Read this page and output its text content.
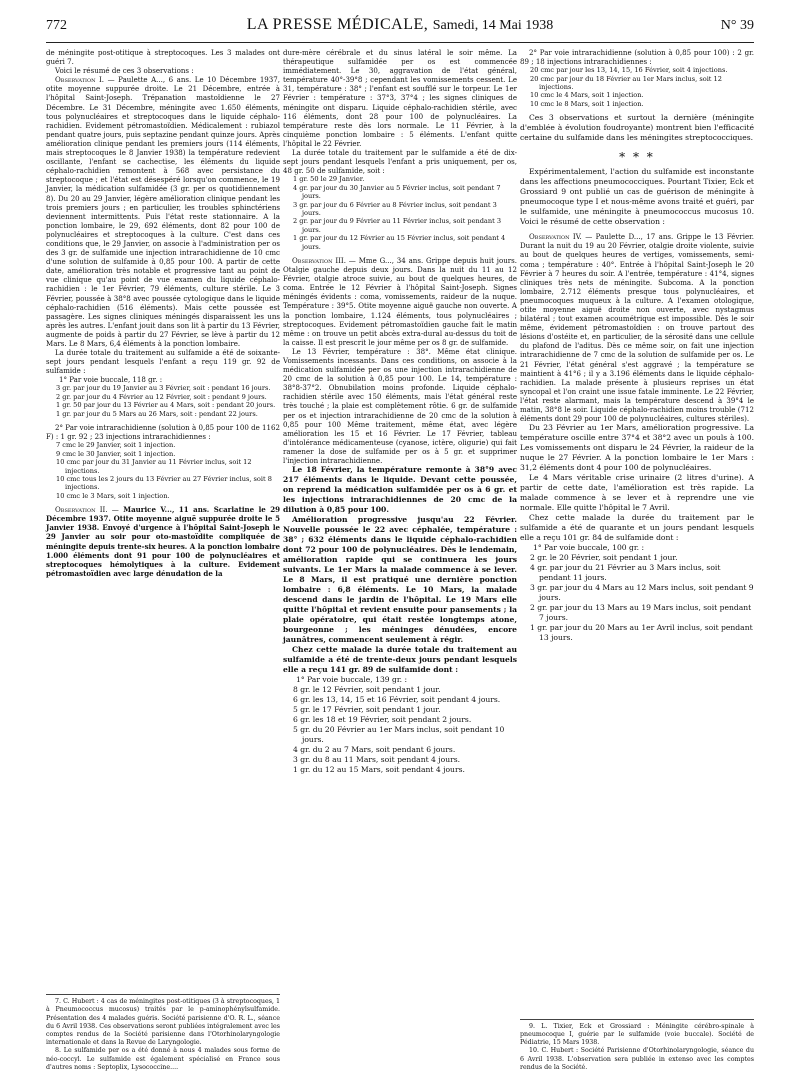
772	LA PRESSE MÉDICALE, Samedi, 14 Mai 1938	N° 39

de méningite post-otitique à streptocoques. Les 3 malades ont guéri 7.

Voici le résumé de ces 3 observations :

Observation I. — Paulette A..., 6 ans. Le 10 Décembre 1937, otite moyenne suppurée droite. Le 21 Décembre, entrée à l'hôpital Saint-Joseph. Trépanation mastoïdienne le 27 Décembre. Le 31 Décembre, méningite avec 1.650 éléments, tous polynucléaires et streptocoques dans le liquide céphalo-rachidien. Evidement pétromastoïdien. Médicalement : rubiazol pendant quatre jours, puis septazine pendant quinze jours. Après amélioration clinique pendant les premiers jours (114 éléments, mais streptocoques le 8 Janvier 1938) la température redevient oscillante, l'enfant se cachectise, les éléments du liquide céphalo-rachidien remontent à 568 avec persistance du streptocoque ; et l'état est désespéré lorsqu'on commence, le 19 Janvier, la médication sulfamidée (3 gr. per os quotidiennement 8). Du 20 au 29 Janvier, légère amélioration clinique pendant les trois premiers jours ; en particulier, les troubles sphinctériens deviennent intermittents. Puis l'état reste stationnaire. A la ponction lombaire, le 29, 692 éléments, dont 82 pour 100 de polynucléaires et streptocoques à la culture. C'est dans ces conditions que, le 29 Janvier, on associe à l'administration per os des 3 gr. de sulfamide une injection intrarachidienne de 10 cmc d'une solution de sulfamide à 0,85 pour 100. A partir de cette date, amélioration très notable et progressive tant au point de vue clinique qu'au point de vue examen du liquide céphalo-rachidien : le 1er Février, 79 éléments, culture stérile. Le 3 Février, poussée à 38°8 avec poussée cytologique dans le liquide céphalo-rachidien (516 éléments). Mais cette poussée est passagère. Les signes cliniques méningés disparaissent les uns après les autres. L'enfant jouit dans son lit à partir du 13 Février, augmente de poids à partir du 27 Février, se lève à partir du 12 Mars. Le 8 Mars, 6,4 éléments à la ponction lombaire.

La durée totale du traitement au sulfamide a été de soixante-sept jours pendant lesquels l'enfant a reçu 119 gr. 92 de sulfamide :

1° Par voie buccale, 118 gr. :

3 gr. par jour du 19 Janvier au 3 Février, soit : pendant 16 jours.
2 gr. par jour du 4 Février au 12 Février, soit : pendant 9 jours.
1 gr. 50 par jour du 13 Février au 4 Mars, soit : pendant 20 jours.
1 gr. par jour du 5 Mars au 26 Mars, soit : pendant 22 jours.

2° Par voie intrarachidienne (solution à 0,85 pour 100 de 1162 F) : 1 gr. 92 ; 23 injections intrarachidiennes :

7 cmc le 29 Janvier, soit 1 injection.
9 cmc le 30 Janvier, soit 1 injection.
10 cmc par jour du 31 Janvier au 11 Février inclus, soit 12 injections.
10 cmc tous les 2 jours du 13 Février au 27 Février inclus, soit 8 injections.
10 cmc le 3 Mars, soit 1 injection.

Observation II. — Maurice V..., 11 ans. Scarlatine le 29 Décembre 1937. Otite moyenne aiguë suppurée droite le 5 Janvier 1938. Envoyé d'urgence à l'hôpital Saint-Joseph le 29 Janvier au soir pour oto-mastoïdite compliquée de méningite depuis trente-six heures. A la ponction lombaire 1.000 éléments dont 91 pour 100 de polynucléaires et streptocoques hémolytiques à la culture. Evidement pétromastoïdien avec large dénudation de la

7. C. Hubert : 4 cas de méningites post-otitiques (3 à streptocoques, 1 à Pneumococcus mucosus) traités par le p-aminophénylsulfamide. Présentation des 4 malades guéris. Société parisienne d'O. R. L., séance du 6 Avril 1938. Ces observations seront publiées intégralement avec les comptes rendus de la Société parisienne dans l'Otorhinolaryngologie internationale et dans la Revue de Laryngologie.

8. Le sulfamide per os a été donné à nous 4 malades sous forme de néo-coccyl. Le sulfamide est également spécialisé en France sous d'autres noms : Septoplix, Lysococcine....

dure-mère cérébrale et du sinus latéral le soir même. La thérapeutique sulfamidée per os est commencée immédiatement. Le 30, aggravation de l'état général, température 40°-39°8 ; cependant les vomissements cessent. Le 31, température : 38° ; l'enfant est soufflé sur le torpeur. Le 1er Février : température : 37°3, 37°4 ; les signes cliniques de méningite ont disparu. Liquide céphalo-rachidien stérile, avec 116 éléments, dont 28 pour 100 de polynucléaires. La température reste dès lors normale. Le 11 Février, à la cinquième ponction lombaire : 5 éléments. L'enfant quitte l'hôpital le 22 Février.

La durée totale du traitement par le sulfamide a été de dix-sept jours pendant lesquels l'enfant a pris uniquement, per os, 48 gr. 50 de sulfamide, soit :

1 gr. 50 le 29 Janvier.
4 gr. par jour du 30 Janvier au 5 Février inclus, soit pendant 7 jours.
3 gr. par jour du 6 Février au 8 Février inclus, soit pendant 3 jours.
2 gr. par jour du 9 Février au 11 Février inclus, soit pendant 3 jours.
1 gr. par jour du 12 Février au 15 Février inclus, soit pendant 4 jours.

Observation III. — Mme G..., 34 ans. Grippe depuis huit jours. Otalgie gauche depuis deux jours. Dans la nuit du 11 au 12 Février, otalgie atroce suivie, au bout de quelques heures, de coma. Entrée le 12 Février à l'hôpital Saint-Joseph. Signes méningés évidents : coma, vomissements, raideur de la nuque. Température : 39°5. Otite moyenne aiguë gauche non ouverte. A la ponction lombaire, 1.124 éléments, tous polynucléaires ; streptocoques. Evidement pétromastoïdien gauche fait le matin même : on trouve un petit abcès extra-dural au-dessus du toit de la caisse. Il est prescrit le jour même per os 8 gr. de sulfamide.

Le 13 Février, température : 38°. Même état clinique. Vomissements incessants. Dans ces conditions, on associe à la médication sulfamidée per os une injection intrarachidienne de 20 cmc de la solution à 0,85 pour 100. Le 14, température : 38°8-37°2. Obnubilation moins profonde. Liquide céphalo-rachidien stérile avec 150 éléments, mais l'état général reste très touché ; la plaie est complètement rôtie. 6 gr. de sulfamide per os et injection intrarachidienne de 20 cmc de la solution à 0,85 pour 100 Même traitement, même état, avec légère amélioration les 15 et 16 Février. Le 17 Février, tableau d'intolérance médicamenteuse (cyanose, ictère, oligurie) qui fait ramener la dose de sulfamide per os à 5 gr. et supprimer l'injection intrarachidienne.

Le 18 Février, la température remonte à 38°9 avec 217 éléments dans le liquide. Devant cette poussée, on reprend la médication sulfamidée per os à 6 gr. et les injections intrarachidiennes de 20 cmc de la dilution à 0,85 pour 100.

Amélioration progressive jusqu'au 22 Février. Nouvelle poussée le 22 avec céphalée, température : 38° ; 632 éléments dans le liquide céphalo-rachidien dont 72 pour 100 de polynucléaires. Dès le lendemain, amélioration rapide qui se continuera les jours suivants. Le 1er Mars la malade commence à se lever. Le 8 Mars, il est pratiqué une dernière ponction lombaire : 6,8 éléments. Le 10 Mars, la malade descend dans le jardin de l'hôpital. Le 19 Mars elle quitte l'hôpital et revient ensuite pour pansements ; la plaie opératoire, qui était restée longtemps atone, bourgeonne ; les méninges dénudées, encore jaunâtres, commencent seulement à régir.

Chez cette malade la durée totale du traitement au sulfamide a été de trente-deux jours pendant lesquels elle a reçu 141 gr. 89 de sulfamide dont :

1° Par voie buccale, 139 gr. :

8 gr. le 12 Février, soit pendant 1 jour.
6 gr. les 13, 14, 15 et 16 Février, soit pendant 4 jours.
5 gr. le 17 Février, soit pendant 1 jour.
6 gr. les 18 et 19 Février, soit pendant 2 jours.
5 gr. du 20 Février au 1er Mars inclus, soit pendant 10 jours.
4 gr. du 2 au 7 Mars, soit pendant 6 jours.
3 gr. du 8 au 11 Mars, soit pendant 4 jours.
1 gr. du 12 au 15 Mars, soit pendant 4 jours.

2° Par voie intrarachidienne (solution à 0,85 pour 100) : 2 gr. 89 ; 18 injections intrarachidiennes :

20 cmc par jour les 13, 14, 15, 16 Février, soit 4 injections.
20 cmc par jour du 18 Février au 1er Mars inclus, soit 12 injections.
10 cmc le 4 Mars, soit 1 injection.
10 cmc le 8 Mars, soit 1 injection.

Ces 3 observations et surtout la dernière (méningite d'emblée à évolution foudroyante) montrent bien l'efficacité certaine du sulfamide dans les méningites streptococciques.

* * *

Expérimentalement, l'action du sulfamide est inconstante dans les affections pneumococciques. Pourtant Tixier, Eck et Grossiard 9 ont publié un cas de guérison de méningite à pneumocoque type I et nous-même avons traité et guéri, par le sulfamide, une méningite à pneumococcus mucosus 10. Voici le résumé de cette observation :

Observation IV. — Paulette D..., 17 ans. Grippe le 13 Février. Durant la nuit du 19 au 20 Février, otalgie droite violente, suivie au bout de quelques heures de vertiges, vomissements, semi-coma ; température : 40°. Entrée à l'hôpital Saint-Joseph le 20 Février à 7 heures du soir. A l'entrée, température : 41°4, signes cliniques très nets de méningite. Subcoma. A la ponction lombaire, 2.712 éléments presque tous polynucléaires, et pneumocoques muqueux à la culture. A l'examen otologique, otite moyenne aiguë droite non ouverte, avec nystagmus bilatéral ; tout examen acoumétrique est impossible. Dès le soir même, évidement pétromastoïdien : on trouve partout des lésions d'ostéite et, en particulier, de la sérosité dans une cellule du plafond de l'aditus. Dès ce même soir, on fait une injection intrarachidienne de 7 cmc de la solution de sulfamide per os. Le 21 Février, l'état général s'est aggravé ; la température se maintient à 41°6 ; il y a 3.196 éléments dans le liquide céphalo-rachidien. La malade présente à plusieurs reprises un état syncopal et l'on craint une issue fatale imminente. Le 22 Février, l'état reste alarmant, mais la température descend à 39°4 le matin, 38°8 le soir. Liquide céphalo-rachidien moins trouble (712 éléments dont 29 pour 100 de polynucléaires, cultures stériles).

Du 23 Février au 1er Mars, amélioration progressive. La température oscille entre 37°4 et 38°2 avec un pouls à 100. Les vomissements ont disparu le 24 Février, la raideur de la nuque le 27 Février. A la ponction lombaire le 1er Mars : 31,2 éléments dont 4 pour 100 de polynucléaires.

Le 4 Mars véritable crise urinaire (2 litres d'urine). A partir de cette date, l'amélioration est très rapide. La malade commence à se lever et à reprendre une vie normale. Elle quitte l'hôpital le 7 Avril.

Chez cette malade la durée du traitement par le sulfamide a été de quarante et un jours pendant lesquels elle a reçu 101 gr. 84 de sulfamide dont :

1° Par voie buccale, 100 gr. :

2 gr. le 20 Février, soit pendant 1 jour.
4 gr. par jour du 21 Février au 3 Mars inclus, soit pendant 11 jours.
3 gr. par jour du 4 Mars au 12 Mars inclus, soit pendant 9 jours.
2 gr. par jour du 13 Mars au 19 Mars inclus, soit pendant 7 jours.
1 gr. par jour du 20 Mars au 1er Avril inclus, soit pendant 13 jours.

9. L. Tixier, Eck et Grossiard : Méningite cérébro-spinale à pneumocoque I, guérie par le sulfamide (voie buccale). Société de Pédiatrie, 15 Mars 1938.

10. C. Hubert : Société Parisienne d'Otorhinolaryngologie, séance du 6 Avril 1938. L'observation sera publiée in extenso avec les comptes rendus de la Société.
